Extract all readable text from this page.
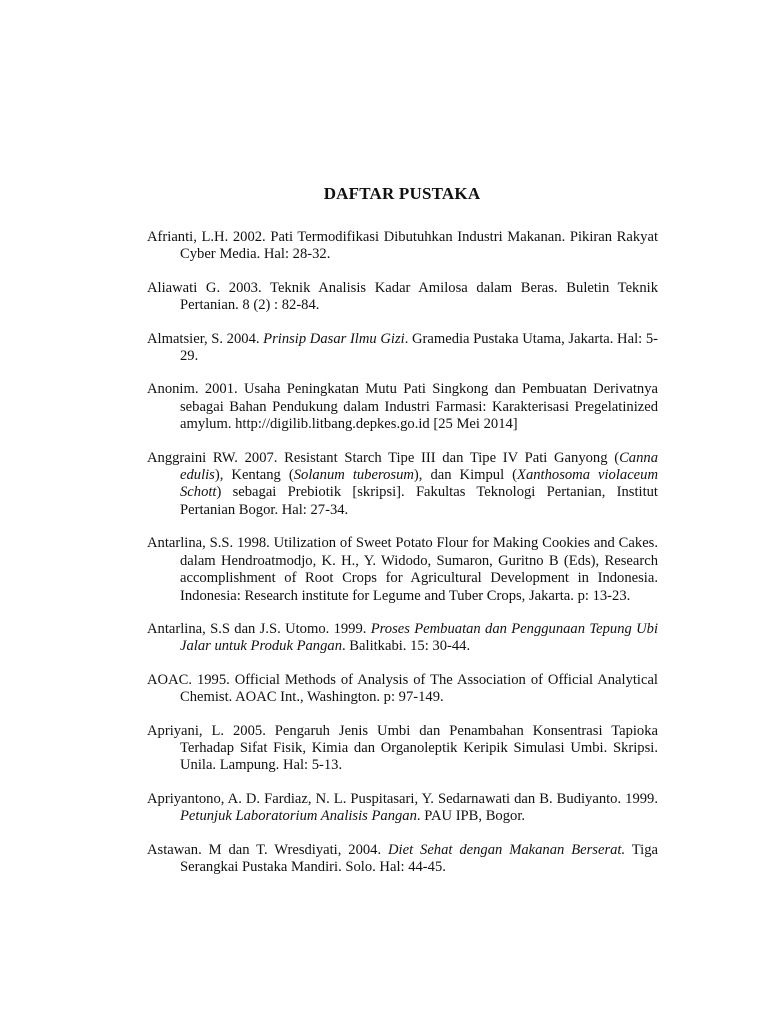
DAFTAR PUSTAKA

Afrianti, L.H. 2002. Pati Termodifikasi Dibutuhkan Industri Makanan. Pikiran Rakyat Cyber Media. Hal: 28-32.

Aliawati G. 2003. Teknik Analisis Kadar Amilosa dalam Beras. Buletin Teknik Pertanian. 8 (2) : 82-84.

Almatsier, S. 2004. Prinsip Dasar Ilmu Gizi. Gramedia Pustaka Utama, Jakarta. Hal: 5-29.

Anonim. 2001. Usaha Peningkatan Mutu Pati Singkong dan Pembuatan Derivatnya sebagai Bahan Pendukung dalam Industri Farmasi: Karakterisasi Pregelatinized amylum. http://digilib.litbang.depkes.go.id [25 Mei 2014]

Anggraini RW. 2007. Resistant Starch Tipe III dan Tipe IV Pati Ganyong (Canna edulis), Kentang (Solanum tuberosum), dan Kimpul (Xanthosoma violaceum Schott) sebagai Prebiotik [skripsi]. Fakultas Teknologi Pertanian, Institut Pertanian Bogor. Hal: 27-34.

Antarlina, S.S. 1998. Utilization of Sweet Potato Flour for Making Cookies and Cakes. dalam Hendroatmodjo, K. H., Y. Widodo, Sumaron, Guritno B (Eds), Research accomplishment of Root Crops for Agricultural Development in Indonesia. Indonesia: Research institute for Legume and Tuber Crops, Jakarta. p: 13-23.

Antarlina, S.S dan J.S. Utomo. 1999. Proses Pembuatan dan Penggunaan Tepung Ubi Jalar untuk Produk Pangan. Balitkabi. 15: 30-44.

AOAC. 1995. Official Methods of Analysis of The Association of Official Analytical Chemist. AOAC Int., Washington. p: 97-149.

Apriyani, L. 2005. Pengaruh Jenis Umbi dan Penambahan Konsentrasi Tapioka Terhadap Sifat Fisik, Kimia dan Organoleptik Keripik Simulasi Umbi. Skripsi. Unila. Lampung. Hal: 5-13.

Apriyantono, A. D. Fardiaz, N. L. Puspitasari, Y. Sedarnawati dan B. Budiyanto. 1999. Petunjuk Laboratorium Analisis Pangan. PAU IPB, Bogor.

Astawan. M dan T. Wresdiyati, 2004. Diet Sehat dengan Makanan Berserat. Tiga Serangkai Pustaka Mandiri. Solo. Hal: 44-45.
